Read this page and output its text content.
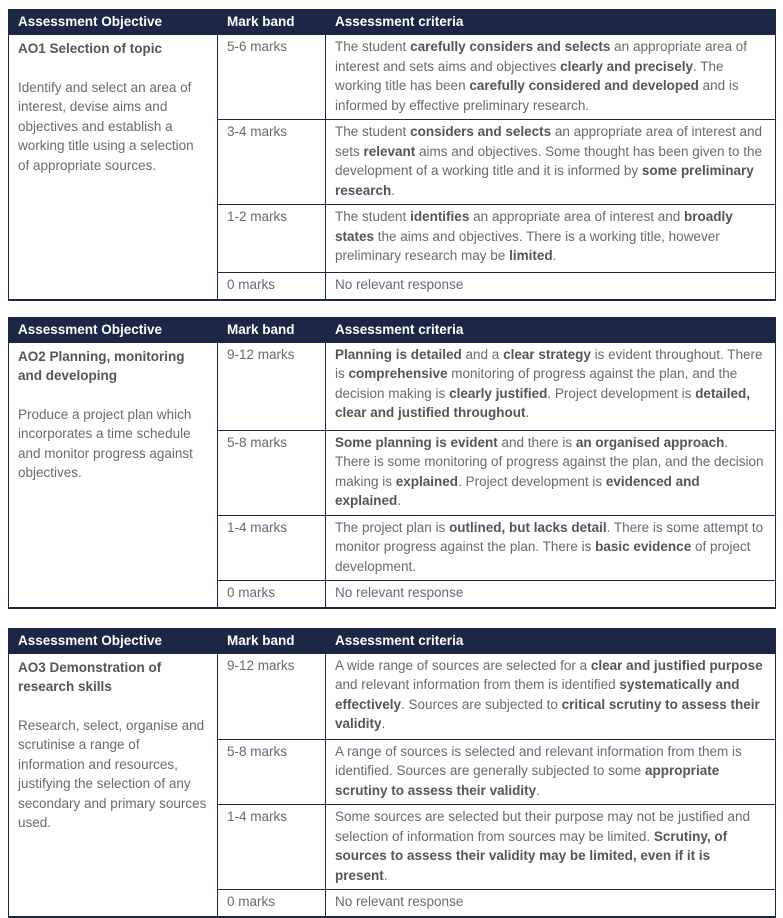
Assessment Objective	Mark band	Assessment criteria

AO1 Selection of topic

Identify and select an area of interest, devise aims and objectives and establish a working title using a selection of appropriate sources.	5-6 marks	The student carefully considers and selects an appropriate area of interest and sets aims and objectives clearly and precisely. The working title has been carefully considered and developed and is informed by effective preliminary research.
	3-4 marks	The student considers and selects an appropriate area of interest and sets relevant aims and objectives. Some thought has been given to the development of a working title and it is informed by some preliminary research.
	1-2 marks	The student identifies an appropriate area of interest and broadly states the aims and objectives. There is a working title, however preliminary research may be limited.
	0 marks	No relevant response
Assessment Objective	Mark band	Assessment criteria

AO2 Planning, monitoring and developing

Produce a project plan which incorporates a time schedule and monitor progress against objectives.	9-12 marks	Planning is detailed and a clear strategy is evident throughout. There is comprehensive monitoring of progress against the plan, and the decision making is clearly justified. Project development is detailed, clear and justified throughout.
	5-8 marks	Some planning is evident and there is an organised approach. There is some monitoring of progress against the plan, and the decision making is explained. Project development is evidenced and explained.
	1-4 marks	The project plan is outlined, but lacks detail. There is some attempt to monitor progress against the plan. There is basic evidence of project development.
	0 marks	No relevant response
Assessment Objective	Mark band	Assessment criteria

AO3 Demonstration of research skills

Research, select, organise and scrutinise a range of information and resources, justifying the selection of any secondary and primary sources used.	9-12 marks	A wide range of sources are selected for a clear and justified purpose and relevant information from them is identified systematically and effectively. Sources are subjected to critical scrutiny to assess their validity.
	5-8 marks	A range of sources is selected and relevant information from them is identified. Sources are generally subjected to some appropriate scrutiny to assess their validity.
	1-4 marks	Some sources are selected but their purpose may not be justified and selection of information from sources may be limited. Scrutiny, of sources to assess their validity may be limited, even if it is present.
	0 marks	No relevant response
